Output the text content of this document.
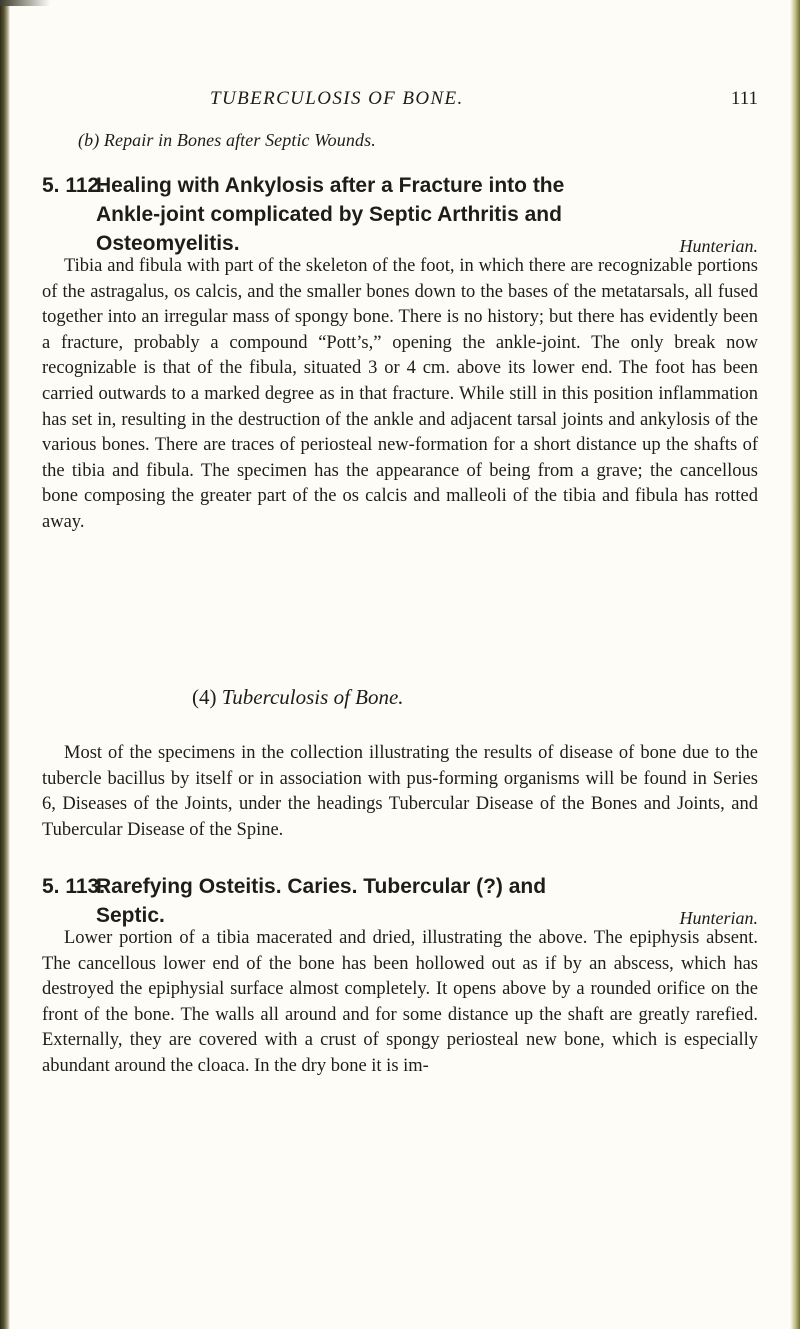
TUBERCULOSIS OF BONE.	111
(b) Repair in Bones after Septic Wounds.
5. 112.Healing with Ankylosis after a Fracture into the
Ankle-joint complicated by Septic Arthritis and
Osteomyelitis.	Hunterian.

Tibia and fibula with part of the skeleton of the foot, in which there are recognizable portions of the astragalus, os calcis, and the smaller bones down to the bases of the metatarsals, all fused together into an irregular mass of spongy bone. There is no history; but there has evidently been a fracture, probably a compound “Pott’s,” opening the ankle-joint. The only break now recognizable is that of the fibula, situated 3 or 4 cm. above its lower end. The foot has been carried outwards to a marked degree as in that fracture. While still in this position inflammation has set in, resulting in the destruction of the ankle and adjacent tarsal joints and ankylosis of the various bones. There are traces of periosteal new-formation for a short distance up the shafts of the tibia and fibula. The specimen has the appearance of being from a grave; the cancellous bone composing the greater part of the os calcis and malleoli of the tibia and fibula has rotted away.

(4) Tuberculosis of Bone.

Most of the specimens in the collection illustrating the results of disease of bone due to the tubercle bacillus by itself or in association with pus-forming organisms will be found in Series 6, Diseases of the Joints, under the headings Tubercular Disease of the Bones and Joints, and Tubercular Disease of the Spine.

5. 113.Rarefying Osteitis. Caries. Tubercular (?) and
Septic.	Hunterian.

Lower portion of a tibia macerated and dried, illustrating the above. The epiphysis absent. The cancellous lower end of the bone has been hollowed out as if by an abscess, which has destroyed the epiphysial surface almost completely. It opens above by a rounded orifice on the front of the bone. The walls all around and for some distance up the shaft are greatly rarefied. Externally, they are covered with a crust of spongy periosteal new bone, which is especially abundant around the cloaca. In the dry bone it is im-
